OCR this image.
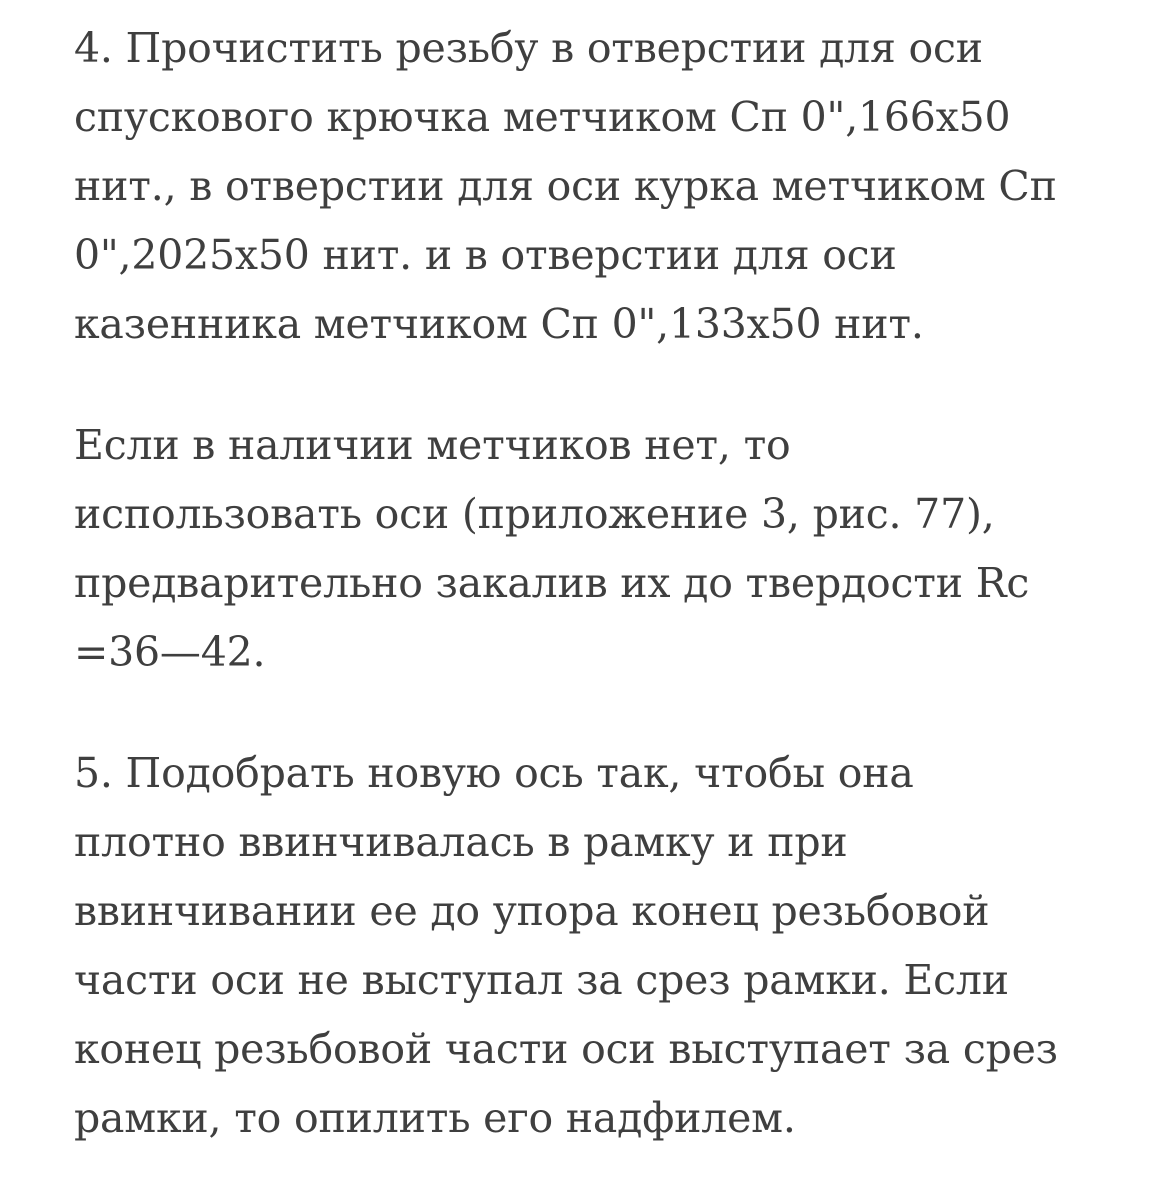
4. Прочистить резьбу в отверстии для оси
спускового крючка метчиком Сп 0",166x50
нит., в отверстии для оси курка метчиком Сп
0",2025x50 нит. и в отверстии для оси
казенника метчиком Сп 0",133x50 нит.

Если в наличии метчиков нет, то
использовать оси (приложение 3, рис. 77),
предварительно закалив их до твердости Rc
=36—42.

5. Подобрать новую ось так, чтобы она
плотно ввинчивалась в рамку и при
ввинчивании ее до упора конец резьбовой
части оси не выступал за срез рамки. Если
конец резьбовой части оси выступает за срез
рамки, то опилить его надфилем.
